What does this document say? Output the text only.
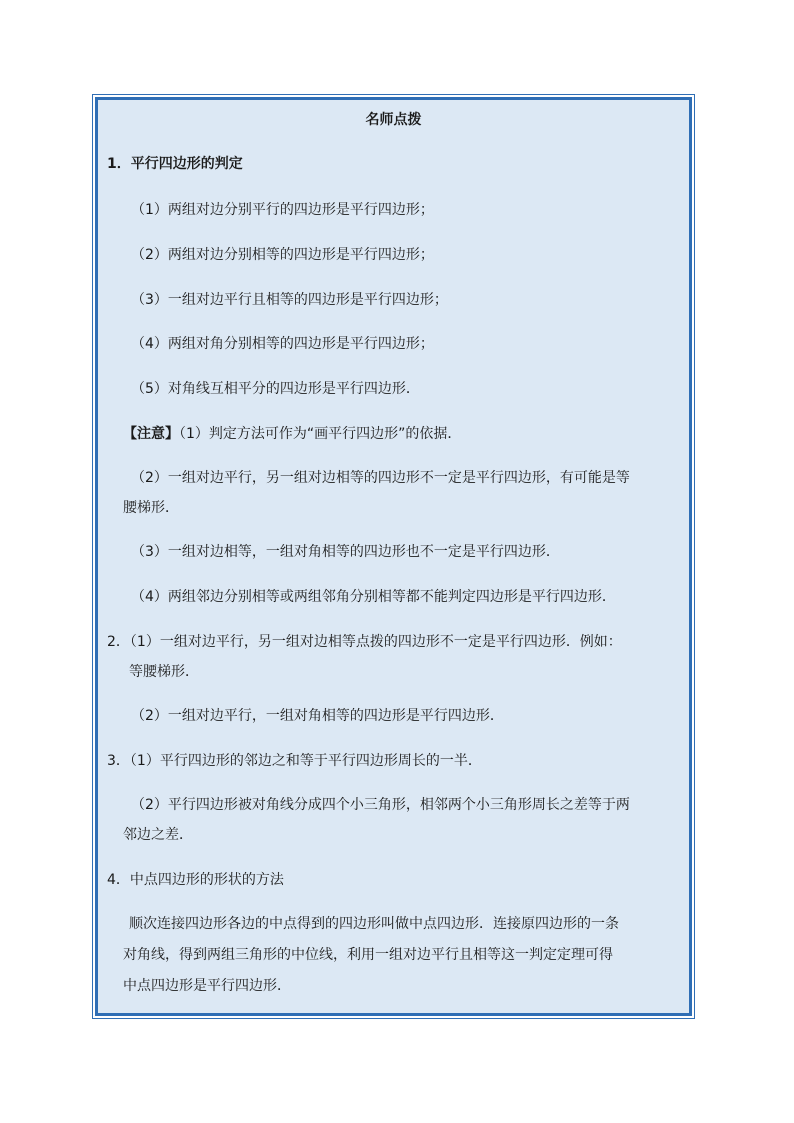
名师点拨
1．平行四边形的判定
（1）两组对边分别平行的四边形是平行四边形；
（2）两组对边分别相等的四边形是平行四边形；
（3）一组对边平行且相等的四边形是平行四边形；
（4）两组对角分别相等的四边形是平行四边形；
（5）对角线互相平分的四边形是平行四边形．
【注意】（1）判定方法可作为“画平行四边形”的依据．
（2）一组对边平行，另一组对边相等的四边形不一定是平行四边形，有可能是等
腰梯形．
（3）一组对边相等，一组对角相等的四边形也不一定是平行四边形．
（4）两组邻边分别相等或两组邻角分别相等都不能判定四边形是平行四边形．
2．（1）一组对边平行，另一组对边相等点拨的四边形不一定是平行四边形．例如：
等腰梯形．
（2）一组对边平行，一组对角相等的四边形是平行四边形．
3．（1）平行四边形的邻边之和等于平行四边形周长的一半．
（2）平行四边形被对角线分成四个小三角形，相邻两个小三角形周长之差等于两
邻边之差．
4．中点四边形的形状的方法
顺次连接四边形各边的中点得到的四边形叫做中点四边形．连接原四边形的一条
对角线，得到两组三角形的中位线，利用一组对边平行且相等这一判定定理可得
中点四边形是平行四边形．
